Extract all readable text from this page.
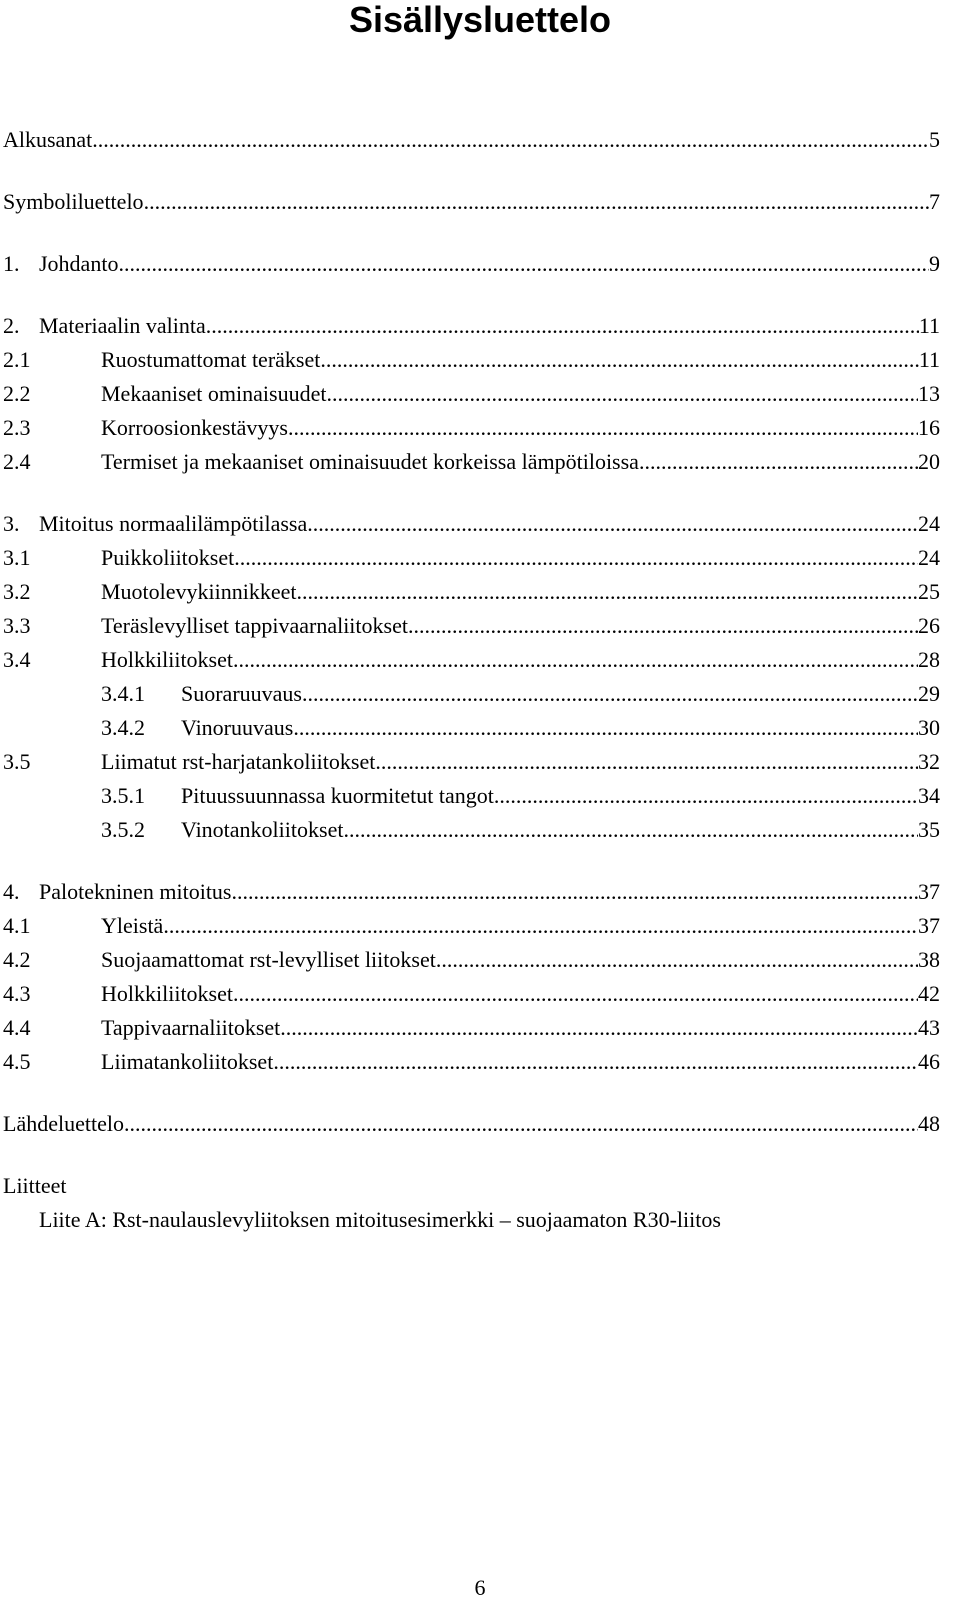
Sisällysluettelo
Alkusanat .....	5
Symboliluettelo .....	7
1. Johdanto .....	9
2. Materiaalin valinta .....	11
2.1	Ruostumattomat teräkset .....	11
2.2	Mekaaniset ominaisuudet .....	13
2.3	Korroosionkestävyys .....	16
2.4	Termiset ja mekaaniset ominaisuudet korkeissa lämpötiloissa .....	20
3. Mitoitus normaalilämpötilassa .....	24
3.1	Puikkoliitokset .....	24
3.2	Muotolevykiinnikkeet .....	25
3.3	Teräslevylliset tappivaarnaliitokset .....	26
3.4	Holkkiliitokset .....	28
3.4.1	Suoraruuvaus .....	29
3.4.2	Vinoruuvaus .....	30
3.5	Liimatut rst-harjatankoliitokset .....	32
3.5.1	Pituussuunnassa kuormitetut tangot .....	34
3.5.2	Vinotankoliitokset .....	35
4. Palotekninen mitoitus .....	37
4.1	Yleistä .....	37
4.2	Suojaamattomat rst-levylliset liitokset .....	38
4.3	Holkkiliitokset .....	42
4.4	Tappivaarnaliitokset .....	43
4.5	Liimatankoliitokset .....	46
Lähdeluettelo .....	48
Liitteet
Liite A: Rst-naulauslevyliitoksen mitoitusesimerkki – suojaamaton R30-liitos
6
